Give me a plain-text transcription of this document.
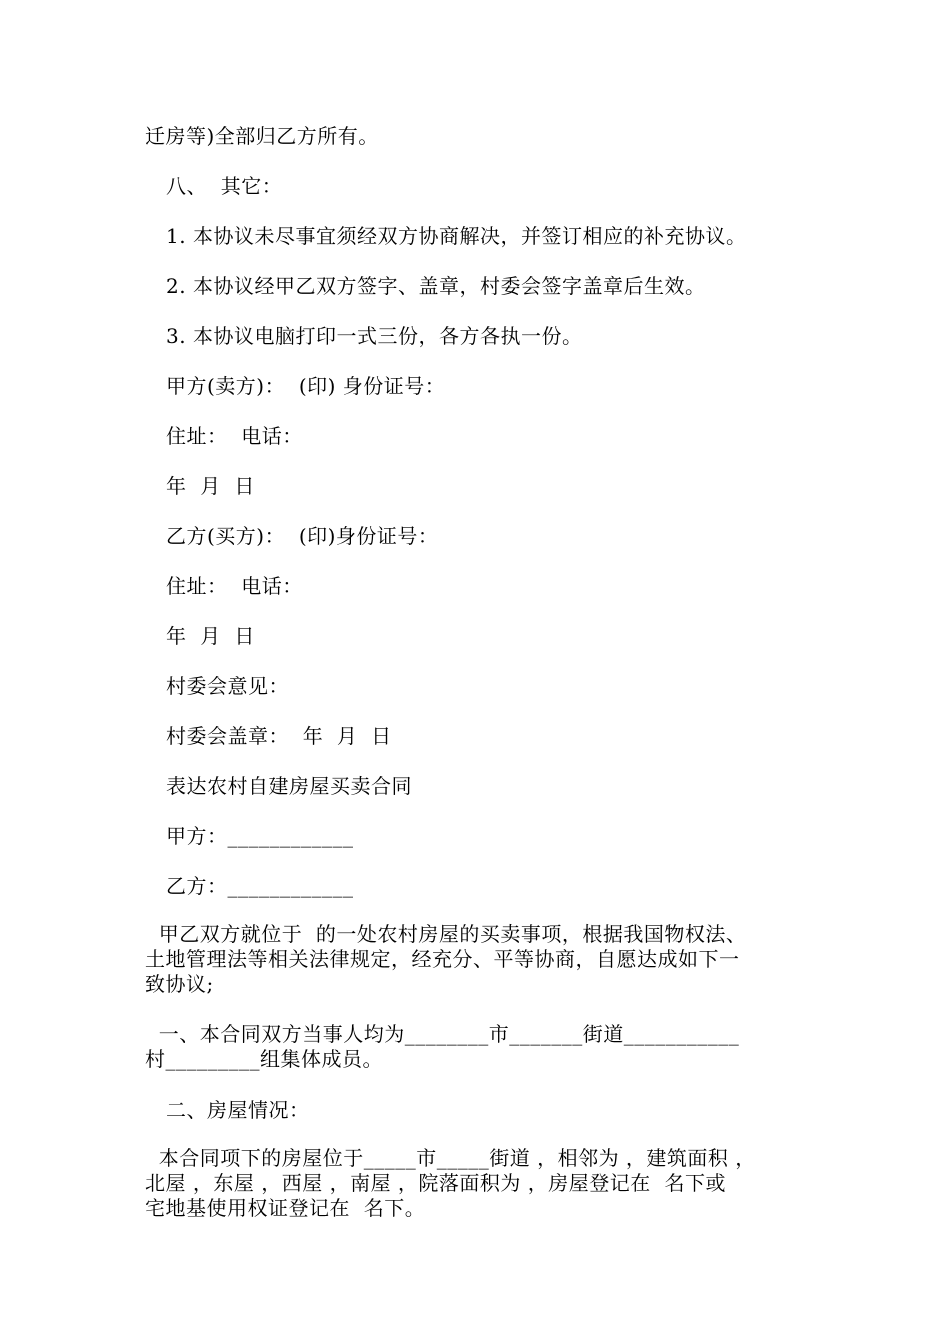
迁房等)全部归乙方所有。
八、  其它：
1. 本协议未尽事宜须经双方协商解决，并签订相应的补充协议。
2. 本协议经甲乙双方签字、盖章，村委会签字盖章后生效。
3. 本协议电脑打印一式三份，各方各执一份。
甲方(卖方)：  (印) 身份证号：
住址：  电话：
年  月  日
乙方(买方)：  (印)身份证号：
住址：  电话：
年  月  日
村委会意见：
村委会盖章：  年  月  日
表达农村自建房屋买卖合同
甲方：____________
乙方：____________
甲乙双方就位于  的一处农村房屋的买卖事项，根据我国物权法、
土地管理法等相关法律规定，经充分、平等协商，自愿达成如下一
致协议;
一、本合同双方当事人均为________市_______街道___________
村_________组集体成员。
二、房屋情况：
本合同项下的房屋位于_____市_____街道 ，相邻为 ，建筑面积 ，
北屋 ，东屋 ，西屋 ，南屋 ，院落面积为 ，房屋登记在  名下或
宅地基使用权证登记在  名下。
